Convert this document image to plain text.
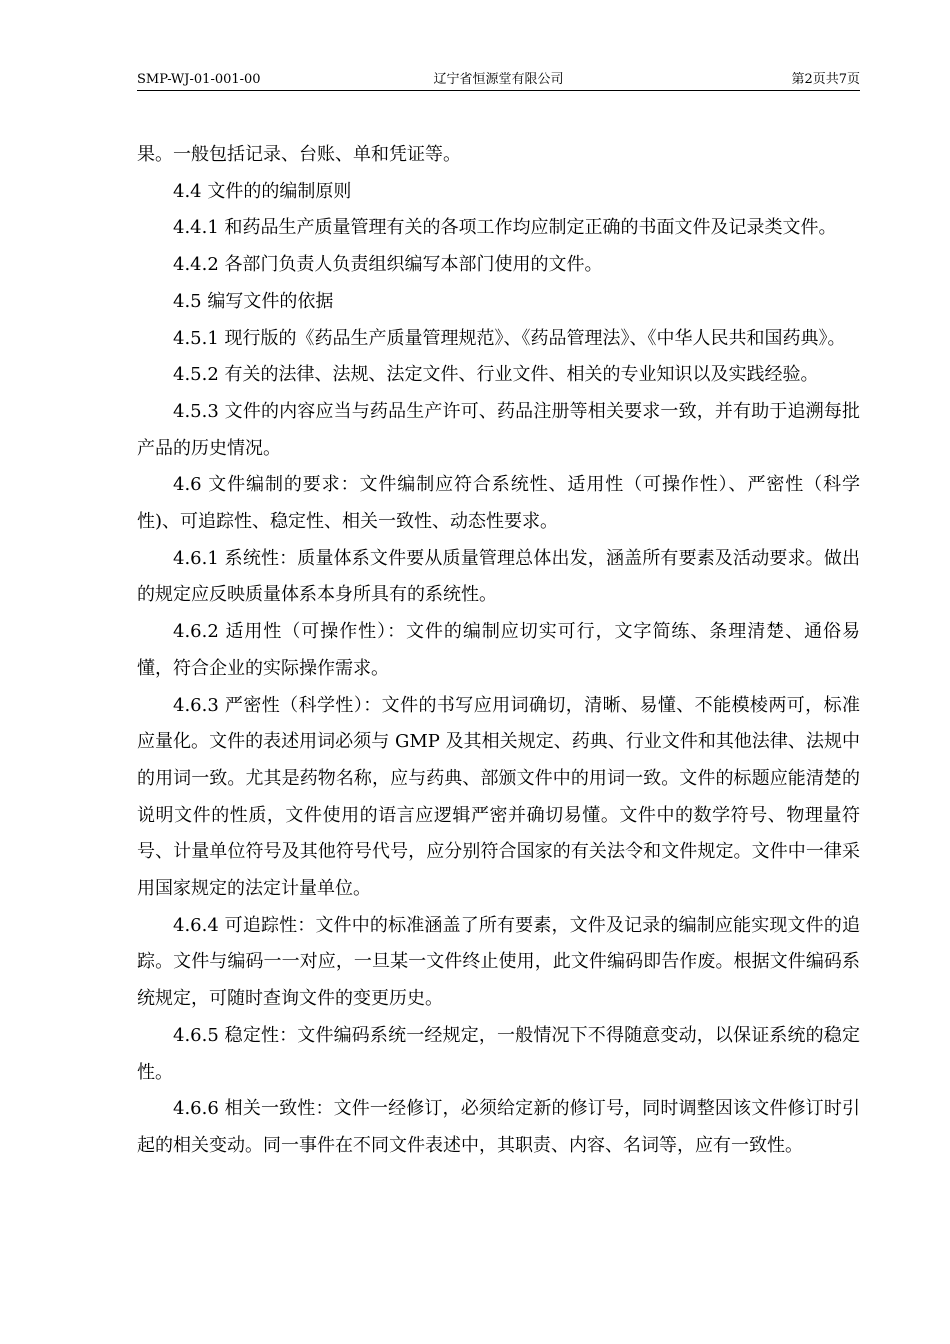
SMP-WJ-01-001-00	辽宁省恒源堂有限公司	第2页共7页

果。一般包括记录、台账、单和凭证等。

4.4 文件的的编制原则

4.4.1 和药品生产质量管理有关的各项工作均应制定正确的书面文件及记录类文件。

4.4.2 各部门负责人负责组织编写本部门使用的文件。

4.5 编写文件的依据

4.5.1 现行版的《药品生产质量管理规范》、《药品管理法》、《中华人民共和国药典》。

4.5.2 有关的法律、法规、法定文件、行业文件、相关的专业知识以及实践经验。

4.5.3 文件的内容应当与药品生产许可、药品注册等相关要求一致，并有助于追溯每批产品的历史情况。

4.6 文件编制的要求：文件编制应符合系统性、适用性（可操作性）、严密性（科学性)、可追踪性、稳定性、相关一致性、动态性要求。

4.6.1 系统性：质量体系文件要从质量管理总体出发，涵盖所有要素及活动要求。做出的规定应反映质量体系本身所具有的系统性。

4.6.2 适用性（可操作性）：文件的编制应切实可行，文字简练、条理清楚、通俗易懂，符合企业的实际操作需求。

4.6.3 严密性（科学性）：文件的书写应用词确切，清晰、易懂、不能模棱两可，标准应量化。文件的表述用词必须与 GMP 及其相关规定、药典、行业文件和其他法律、法规中的用词一致。尤其是药物名称，应与药典、部颁文件中的用词一致。文件的标题应能清楚的说明文件的性质，文件使用的语言应逻辑严密并确切易懂。文件中的数学符号、物理量符号、计量单位符号及其他符号代号，应分别符合国家的有关法令和文件规定。文件中一律采用国家规定的法定计量单位。

4.6.4 可追踪性：文件中的标准涵盖了所有要素，文件及记录的编制应能实现文件的追踪。文件与编码一一对应，一旦某一文件终止使用，此文件编码即告作废。根据文件编码系统规定，可随时查询文件的变更历史。

4.6.5 稳定性：文件编码系统一经规定，一般情况下不得随意变动，以保证系统的稳定性。

4.6.6 相关一致性：文件一经修订，必须给定新的修订号，同时调整因该文件修订时引起的相关变动。同一事件在不同文件表述中，其职责、内容、名词等，应有一致性。
